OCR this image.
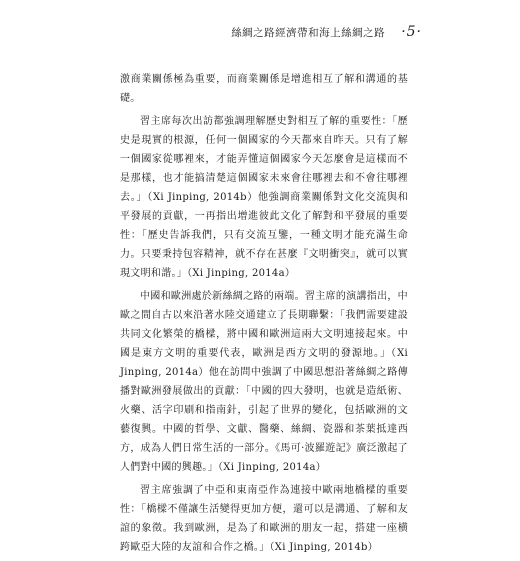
絲綢之路經濟帶和海上絲綢之路 ·5·

激商業關係極為重要，而商業關係是增進相互了解和溝通的基礎。

習主席每次出訪都強調理解歷史對相互了解的重要性：「歷史是現實的根源，任何一個國家的今天都來自昨天。只有了解一個國家從哪裡來，才能弄懂這個國家今天怎麼會是這樣而不是那樣，也才能搞清楚這個國家未來會往哪裡去和不會往哪裡去。」（Xi Jinping, 2014b）他強調商業關係對文化交流與和平發展的貢獻，一再指出增進彼此文化了解對和平發展的重要性：「歷史告訴我們，只有交流互鑒，一種文明才能充滿生命力。只要秉持包容精神，就不存在甚麼『文明衝突』，就可以實現文明和諧。」（Xi Jinping, 2014a）

中國和歐洲處於新絲綢之路的兩端。習主席的演講指出，中歐之間自古以來沿著水陸交通建立了長期聯繫：「我們需要建設共同文化繁榮的橋樑，將中國和歐洲這兩大文明連接起來。中國是東方文明的重要代表，歐洲是西方文明的發源地。」（Xi Jinping, 2014a）他在訪問中強調了中國思想沿著絲綢之路傳播對歐洲發展做出的貢獻：「中國的四大發明，也就是造紙術、火藥、活字印刷和指南針，引起了世界的變化，包括歐洲的文藝復興。中國的哲學、文獻、醫藥、絲綢、瓷器和茶葉抵達西方，成為人們日常生活的一部分。《馬可·波羅遊記》廣泛激起了人們對中國的興趣。」（Xi Jinping, 2014a）

習主席強調了中亞和東南亞作為連接中歐兩地橋樑的重要性：「橋樑不僅讓生活變得更加方便，還可以是溝通、了解和友誼的象徵。我到歐洲，是為了和歐洲的朋友一起，搭建一座横跨歐亞大陸的友誼和合作之橋。」（Xi Jinping, 2014b）
